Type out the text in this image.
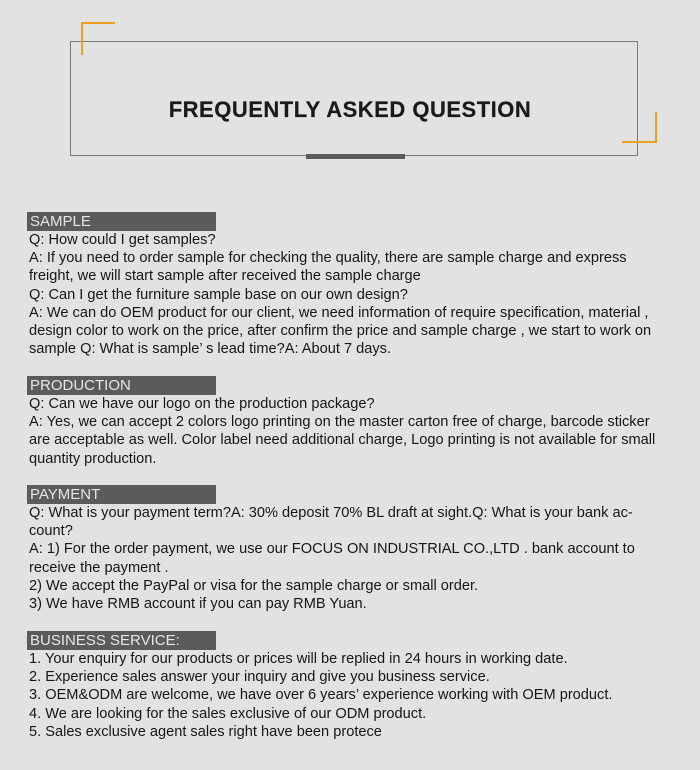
FREQUENTLY ASKED QUESTION
SAMPLE
Q: How could I get samples?
A: If you need to order sample for checking the quality, there are sample charge and express
freight, we will start sample after received the sample charge
Q: Can I get the furniture sample base on our own design?
A: We can do OEM product for our client, we need information of require specification, material ,
design color to work on the price, after confirm the price and sample charge , we start to work on
sample Q: What is sample’ s lead time?A: About 7 days.
PRODUCTION
Q: Can we have our logo on the production package?
A: Yes, we can accept 2 colors logo printing on the master carton free of charge, barcode sticker
are acceptable as well. Color label need additional charge, Logo printing is not available for small
quantity production.
PAYMENT
Q: What is your payment term?A: 30% deposit 70% BL draft at sight.Q: What is your bank ac-
count?
A: 1) For the order payment, we use our FOCUS ON INDUSTRIAL CO.,LTD . bank account to
receive the payment .
2) We accept the PayPal or visa for the sample charge or small order.
3) We have RMB account if you can pay RMB Yuan.
BUSINESS SERVICE:
1. Your enquiry for our products or prices will be replied in 24 hours in working date.
2. Experience sales answer your inquiry and give you business service.
3. OEM&ODM are welcome, we have over 6 years’ experience working with OEM product.
4. We are looking for the sales exclusive of our ODM product.
5. Sales exclusive agent sales right have been protece
